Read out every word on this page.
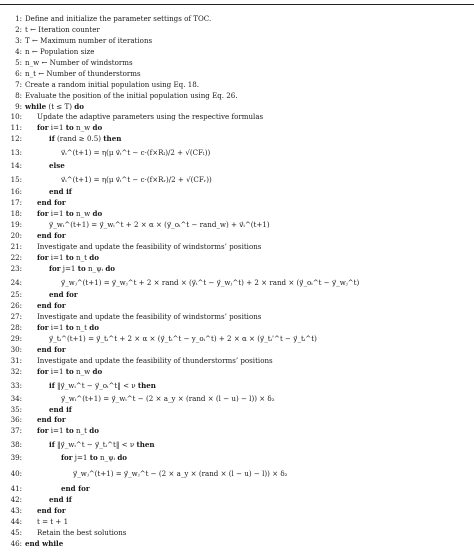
1: Define and initialize the parameter settings of TOC.
2: t ← Iteration counter
3: T ← Maximum number of iterations
4: n ← Population size
5: n_w ← Number of windstorms
6: n_t ← Number of thunderstorms
7: Create a random initial population using Eq. 18.
8: Evaluate the position of the initial population using Eq. 26.
9: while (t ≤ T) do
10: Update the adaptive parameters using the respective formulas
11: for i=1 to n_w do
12:	if (rand ≥ 0.5) then
13:	v⃗ᵢ^(t+1) = η(μ v⃗ᵢ^t − c·(f×Rₗ)/2 + √(CFₗ))
14:	else
15:	v⃗ᵢ^(t+1) = η(μ v⃗ᵢ^t − c·(f×Rᵣ)/2 + √(CFᵣ))
16:	end if
17: end for
18: for i=1 to n_w do
19:	y⃗_wᵢ^(t+1) = y⃗_wᵢ^t + 2 × α × (y⃗_oᵢ^t − rand_w) + v⃗ᵢ^(t+1)
20: end for
21: Investigate and update the feasibility of windstorms’ positions
22: for i=1 to n_t do
23:	for j=1 to n_ψᵢ do
24:	y⃗_wⱼ^(t+1) = y⃗_wⱼ^t + 2 × rand × (y⃗ᵢ^t − y⃗_wⱼ^t) + 2 × rand × (y⃗_oᵢ^t − y⃗_wⱼ^t)
25:	end for
26: end for
27: Investigate and update the feasibility of windstorms’ positions
28: for i=1 to n_t do
29:	y⃗_tᵢ^(t+1) = y⃗_tᵢ^t + 2 × α × (y⃗_tᵢ^t − y_oᵢ^t) + 2 × α × (y⃗_tᵢ'^t − y⃗_tᵢ^t)
30: end for
31: Investigate and update the feasibility of thunderstorms’ positions
32: for i=1 to n_w do
33:	if ‖y⃗_wᵢ^t − y⃗_oᵢ^t‖ < ν then
34:	y⃗_wᵢ^(t+1) = y⃗_wᵢ^t − (2 × a_y × (rand × (l − u) − l)) × δ₂
35:	end if
36: end for
37: for i=1 to n_t do
38:	if ‖y⃗_wᵢ^t − y⃗_tᵢ^t‖ < ν then
39:	for j=1 to n_ψᵢ do
40:	y⃗_wⱼ^(t+1) = y⃗_wⱼ^t − (2 × a_y × (rand × (l − u) − l)) × δ₂
41:	end for
42:	end if
43: end for
44: t = t + 1
45: Retain the best solutions
46: end while
